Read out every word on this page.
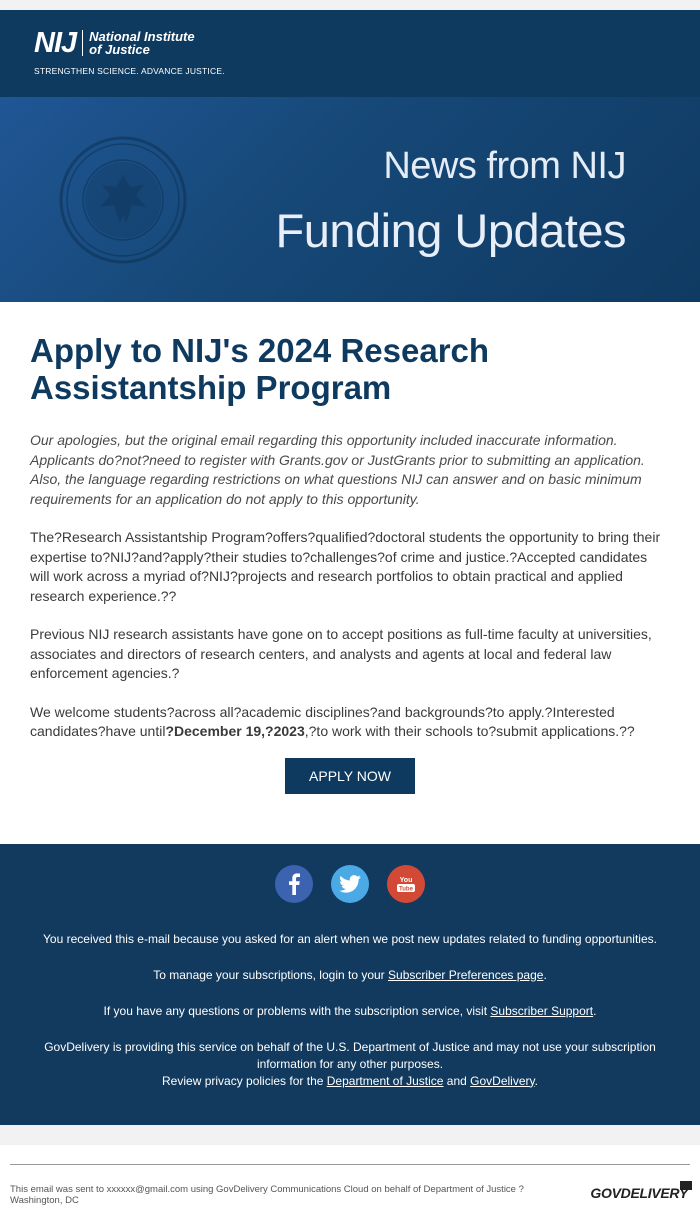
NIJ National Institute
of Justice
STRENGTHEN SCIENCE. ADVANCE JUSTICE.
News from NIJ
Funding Updates
Apply to NIJ's 2024 Research Assistantship Program

Our apologies, but the original email regarding this opportunity included inaccurate information. Applicants do?not?need to register with Grants.gov or JustGrants prior to submitting an application. Also, the language regarding restrictions on what questions NIJ can answer and on basic minimum requirements for an application do not apply to this opportunity.

The?Research Assistantship Program?offers?qualified?doctoral students the opportunity to bring their expertise to?NIJ?and?apply?their studies to?challenges?of crime and justice.?Accepted candidates will work across a myriad of?NIJ?projects and research portfolios to obtain practical and applied research experience.??

Previous NIJ research assistants have gone on to accept positions as full-time faculty at universities, associates and directors of research centers, and analysts and agents at local and federal law enforcement agencies.?

We welcome students?across all?academic disciplines?and backgrounds?to apply.?Interested candidates?have until?December 19,?2023,?to work with their schools to?submit applications.??

APPLY NOW
You
Tube

You received this e-mail because you asked for an alert when we post new updates related to funding opportunities.

To manage your subscriptions, login to your Subscriber Preferences page.

If you have any questions or problems with the subscription service, visit Subscriber Support.

GovDelivery is providing this service on behalf of the U.S. Department of Justice and may not use your subscription information for any other purposes.
Review privacy policies for the Department of Justice and GovDelivery.

This email was sent to xxxxxx@gmail.com using GovDelivery Communications Cloud on behalf of Department of Justice ? Washington, DC	GOVDELIVERY
